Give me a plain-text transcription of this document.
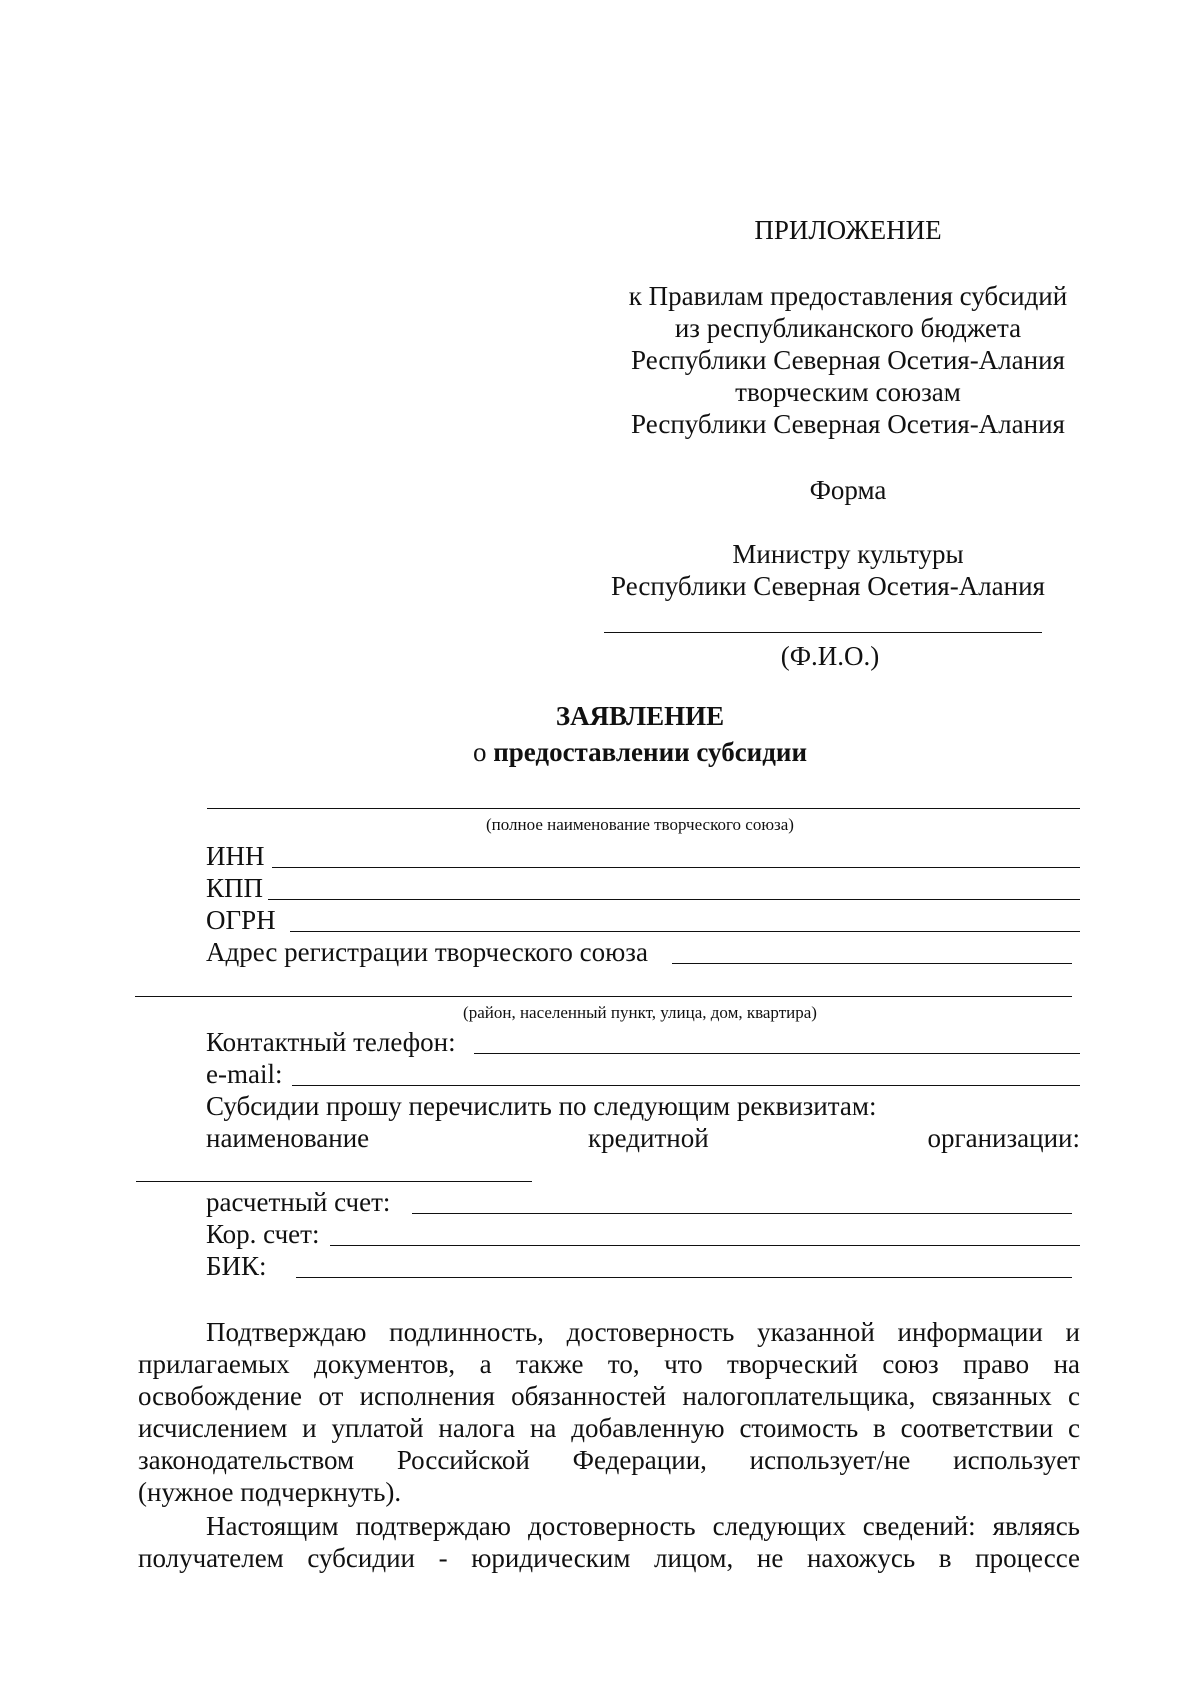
ПРИЛОЖЕНИЕ
к Правилам предоставления субсидий
из республиканского бюджета
Республики Северная Осетия-Алания
творческим союзам
Республики Северная Осетия-Алания
Форма
Министру культуры
Республики Северная Осетия-Алания
(Ф.И.О.)
ЗАЯВЛЕНИЕ
о предоставлении субсидии
(полное наименование творческого союза)
ИНН
КПП
ОГРН
Адрес регистрации творческого союза
(район, населенный пункт, улица, дом, квартира)
Контактный телефон:
e-mail:
Субсидии прошу перечислить по следующим реквизитам:
наименование	кредитной	организации:
расчетный счет:
Кор. счет:
БИК:
Подтверждаю подлинность, достоверность указанной информации и
прилагаемых документов, а также то, что творческий союз право на
освобождение от исполнения обязанностей налогоплательщика, связанных с
исчислением и уплатой налога на добавленную стоимость в соответствии с
законодательством Российской Федерации, использует/не использует
(нужное подчеркнуть).
Настоящим подтверждаю достоверность следующих сведений: являясь
получателем субсидии - юридическим лицом, не нахожусь в процессе
